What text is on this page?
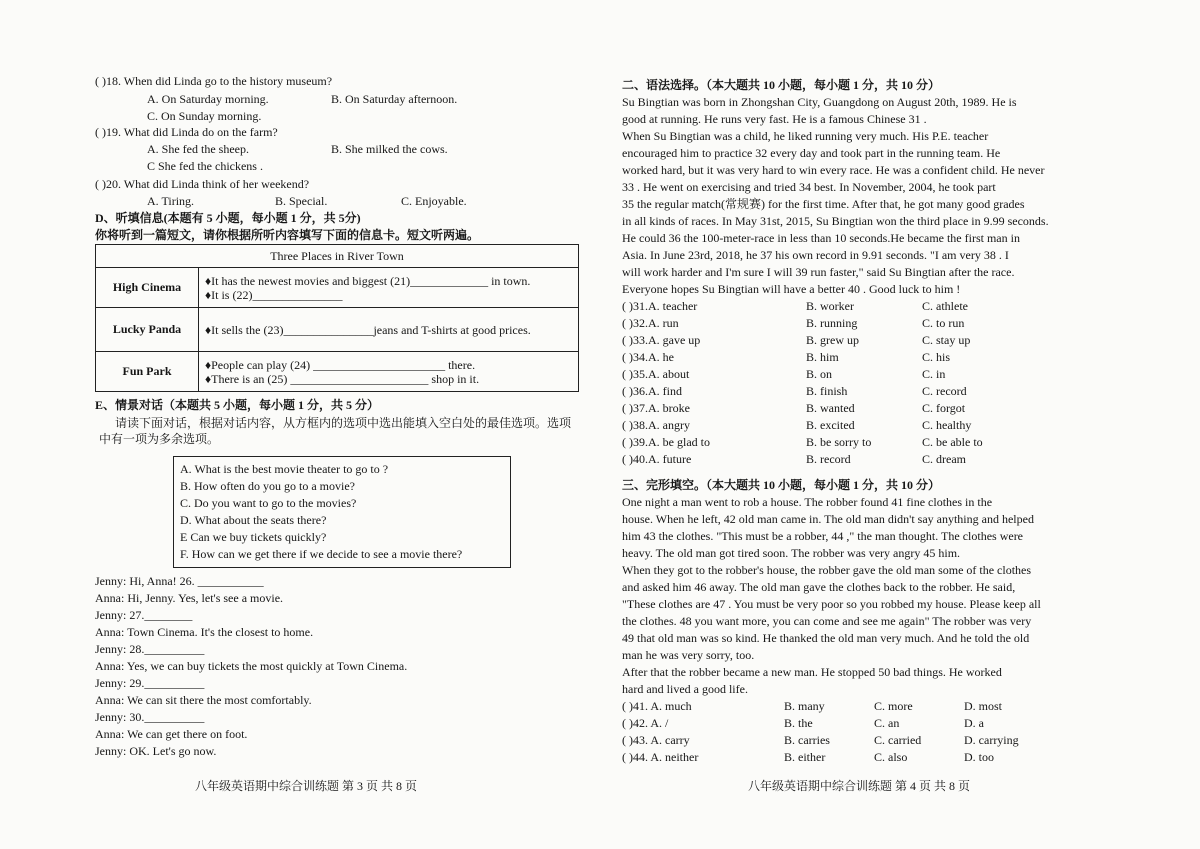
( )18. When did Linda go to the history museum?
A. On Saturday morning.	B. On Saturday afternoon.
C. On Sunday morning.
( )19. What did Linda do on the farm?
A. She fed the sheep.	B. She milked the cows.
C She fed the chickens .
( )20. What did Linda think of her weekend?
A. Tiring.	B. Special.	C. Enjoyable.
D、听填信息(本题有 5 小题，每小题 1 分，共 5分)
你将听到一篇短文，请你根据所听内容填写下面的信息卡。短文听两遍。
Three Places in River Town	
High Cinema	♦It has the newest movies and biggest (21)_____________ in town.
♦It is (22)_______________

Lucky Panda	♦It sells the (23)_______________jeans and T-shirts at good prices.
Fun Park	♦People can play (24) ______________________ there.
♦There is an (25) _______________________ shop in it.
E、情景对话（本题共 5 小题，每小题 1 分，共 5 分）
请读下面对话，根据对话内容，从方框内的选项中选出能填入空白处的最佳选项。选项
中有一项为多余选项。
A. What is the best movie theater to go to ?
B. How often do you go to a movie?
C. Do you want to go to the movies?
D. What about the seats there?
E Can we buy tickets quickly?
F. How can we get there if we decide to see a movie there?
Jenny: Hi, Anna! 26. ___________
Anna: Hi, Jenny. Yes, let's see a movie.
Jenny: 27.________
Anna: Town Cinema. It's the closest to home.
Jenny: 28.__________
Anna: Yes, we can buy tickets the most quickly at Town Cinema.
Jenny: 29.__________
Anna: We can sit there the most comfortably.
Jenny: 30.__________
Anna: We can get there on foot.
Jenny: OK. Let's go now.
八年级英语期中综合训练题 第 3 页 共 8 页
二、语法选择。（本大题共 10 小题，每小题 1 分，共 10 分）
Su Bingtian was born in Zhongshan City, Guangdong on August 20th, 1989. He is
good at running. He runs very fast. He is a famous Chinese 31 .
When Su Bingtian was a child, he liked running very much. His P.E. teacher
encouraged him to practice 32 every day and took part in the running team. He
worked hard, but it was very hard to win every race. He was a confident child. He never
33 . He went on exercising and tried 34 best. In November, 2004, he took part
35 the regular match(常规赛) for the first time. After that, he got many good grades
in all kinds of races. In May 31st, 2015, Su Bingtian won the third place in 9.99 seconds.
He could 36 the 100-meter-race in less than 10 seconds.He became the first man in
Asia. In June 23rd, 2018, he 37 his own record in 9.91 seconds. "I am very 38 . I
will work harder and I'm sure I will 39 run faster," said Su Bingtian after the race.
Everyone hopes Su Bingtian will have a better 40 . Good luck to him !
( )31.A. teacher	B. worker	C. athlete
( )32.A. run	B. running	C. to run
( )33.A. gave up	B. grew up	C. stay up
( )34.A. he	B. him	C. his
( )35.A. about	B. on	C. in
( )36.A. find	B. finish	C. record
( )37.A. broke	B. wanted	C. forgot
( )38.A. angry	B. excited	C. healthy
( )39.A. be glad to	B. be sorry to	C. be able to
( )40.A. future	B. record	C. dream
三、完形填空。（本大题共 10 小题，每小题 1 分，共 10 分）
One night a man went to rob a house. The robber found 41 fine clothes in the
house. When he left, 42 old man came in. The old man didn't say anything and helped
him 43 the clothes. "This must be a robber, 44 ," the man thought. The clothes were
heavy. The old man got tired soon. The robber was very angry 45 him.
When they got to the robber's house, the robber gave the old man some of the clothes
and asked him 46 away. The old man gave the clothes back to the robber. He said,
"These clothes are 47 . You must be very poor so you robbed my house. Please keep all
the clothes. 48 you want more, you can come and see me again" The robber was very
49 that old man was so kind. He thanked the old man very much. And he told the old
man he was very sorry, too.
After that the robber became a new man. He stopped 50 bad things. He worked
hard and lived a good life.
( )41. A. much	B. many	C. more	D. most
( )42. A. /	B. the	C. an	D. a
( )43. A. carry	B. carries	C. carried	D. carrying
( )44. A. neither	B. either	C. also	D. too
八年级英语期中综合训练题 第 4 页 共 8 页
